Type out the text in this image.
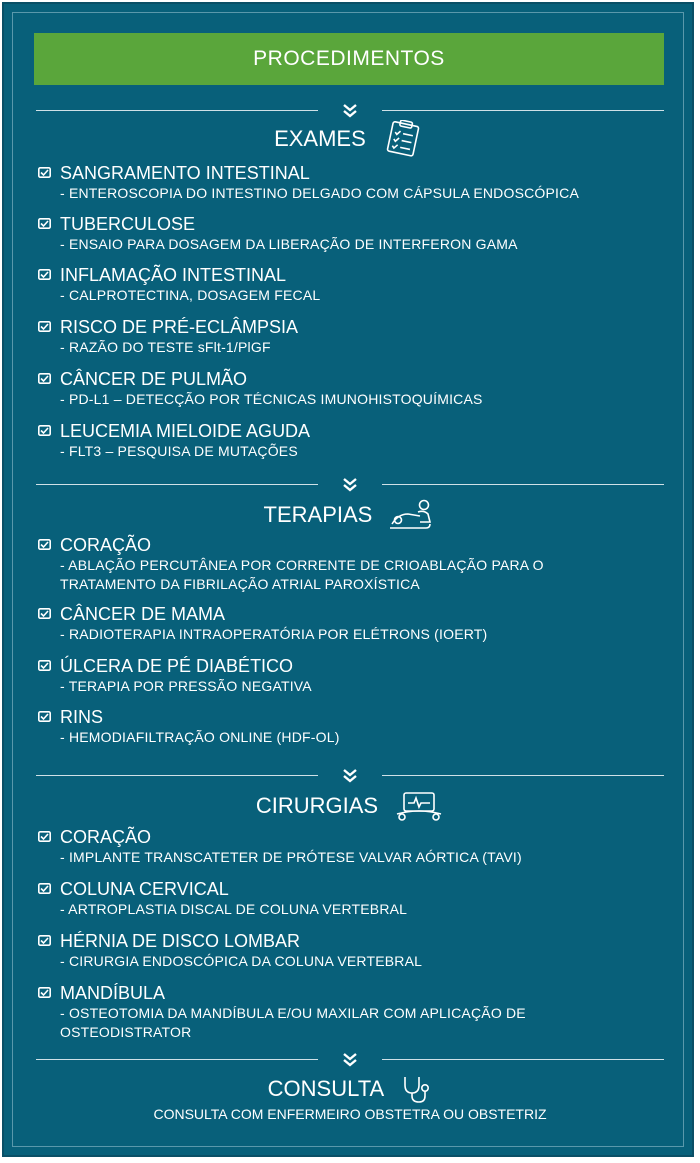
PROCEDIMENTOS
EXAMES
SANGRAMENTO INTESTINAL
- ENTEROSCOPIA DO INTESTINO DELGADO COM CÁPSULA ENDOSCÓPICA
TUBERCULOSE
- ENSAIO PARA DOSAGEM DA LIBERAÇÃO DE INTERFERON GAMA
INFLAMAÇÃO INTESTINAL
- CALPROTECTINA, DOSAGEM FECAL
RISCO DE PRÉ-ECLÂMPSIA
- RAZÃO DO TESTE sFlt-1/PlGF
CÂNCER DE PULMÃO
- PD-L1 – DETECÇÃO POR TÉCNICAS IMUNOHISTOQUÍMICAS
LEUCEMIA MIELOIDE AGUDA
- FLT3 – PESQUISA DE MUTAÇÕES
TERAPIAS
CORAÇÃO
- ABLAÇÃO PERCUTÂNEA POR CORRENTE DE CRIOABLAÇÃO PARA O
TRATAMENTO DA FIBRILAÇÃO ATRIAL PAROXÍSTICA
CÂNCER DE MAMA
- RADIOTERAPIA INTRAOPERATÓRIA POR ELÉTRONS (IOERT)
ÚLCERA DE PÉ DIABÉTICO
- TERAPIA POR PRESSÃO NEGATIVA
RINS
- HEMODIAFILTRAÇÃO ONLINE (HDF-OL)
CIRURGIAS
CORAÇÃO
- IMPLANTE TRANSCATETER DE PRÓTESE VALVAR AÓRTICA (TAVI)
COLUNA CERVICAL
- ARTROPLASTIA DISCAL DE COLUNA VERTEBRAL
HÉRNIA DE DISCO LOMBAR
- CIRURGIA ENDOSCÓPICA DA COLUNA VERTEBRAL
MANDÍBULA
- OSTEOTOMIA DA MANDÍBULA E/OU MAXILAR COM APLICAÇÃO DE
OSTEODISTRATOR
CONSULTA
CONSULTA COM ENFERMEIRO OBSTETRA OU OBSTETRIZ
